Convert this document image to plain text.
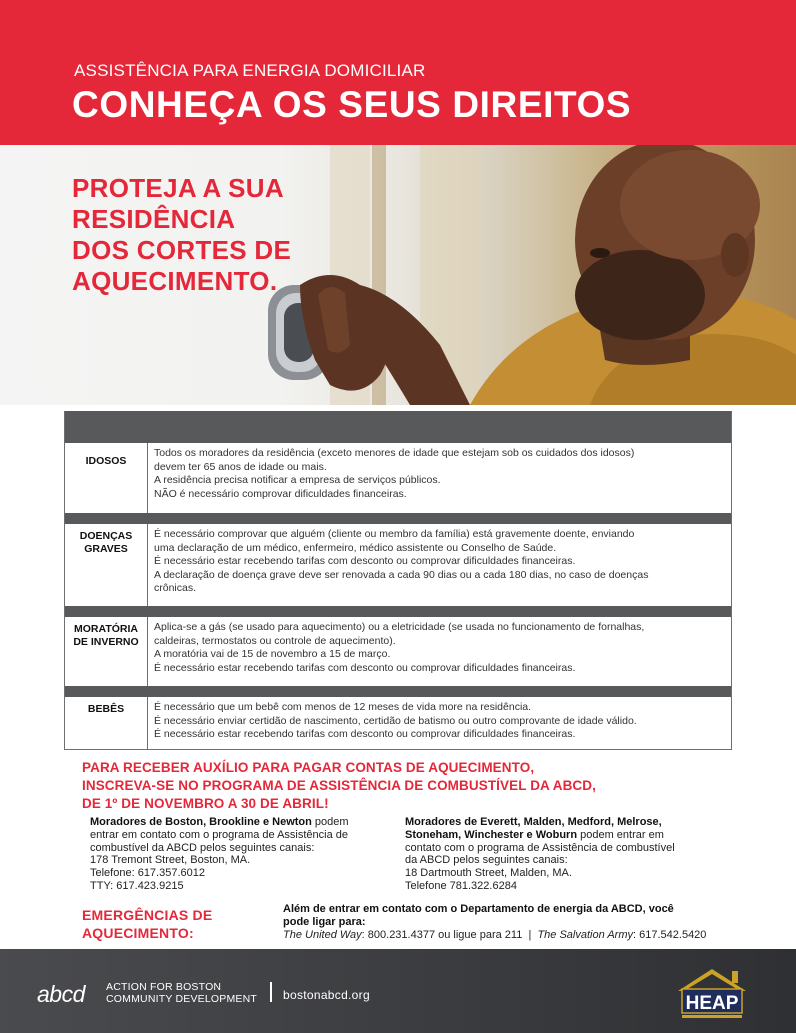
ASSISTÊNCIA PARA ENERGIA DOMICILIAR
CONHEÇA OS SEUS DIREITOS
PROTEJA A SUA
RESIDÊNCIA
DOS CORTES DE
AQUECIMENTO.
IDOSOS
Todos os moradores da residência (exceto menores de idade que estejam sob os cuidados dos idosos)
devem ter 65 anos de idade ou mais.
A residência precisa notificar a empresa de serviços públicos.
NÃO é necessário comprovar dificuldades financeiras.
DOENÇAS
GRAVES
É necessário comprovar que alguém (cliente ou membro da família) está gravemente doente, enviando
uma declaração de um médico, enfermeiro, médico assistente ou Conselho de Saúde.
É necessário estar recebendo tarifas com desconto ou comprovar dificuldades financeiras.
A declaração de doença grave deve ser renovada a cada 90 dias ou a cada 180 dias, no caso de doenças
crônicas.
MORATÓRIA
DE INVERNO
Aplica-se a gás (se usado para aquecimento) ou a eletricidade (se usada no funcionamento de fornalhas,
caldeiras, termostatos ou controle de aquecimento).
A moratória vai de 15 de novembro a 15 de março.
É necessário estar recebendo tarifas com desconto ou comprovar dificuldades financeiras.
BEBÊS	É necessário que um bebê com menos de 12 meses de vida more na residência.
É necessário enviar certidão de nascimento, certidão de batismo ou outro comprovante de idade válido.
É necessário estar recebendo tarifas com desconto ou comprovar dificuldades financeiras.
PARA RECEBER AUXÍLIO PARA PAGAR CONTAS DE AQUECIMENTO,
INSCREVA-SE NO PROGRAMA DE ASSISTÊNCIA DE COMBUSTÍVEL DA ABCD,
DE 1º DE NOVEMBRO A 30 DE ABRIL!
Moradores de Boston, Brookline e Newton podem
entrar em contato com o programa de Assistência de
combustível da ABCD pelos seguintes canais:
178 Tremont Street, Boston, MA.
Telefone: 617.357.6012
TTY: 617.423.9215
Moradores de Everett, Malden, Medford, Melrose,
Stoneham, Winchester e Woburn podem entrar em
contato com o programa de Assistência de combustível
da ABCD pelos seguintes canais:
18 Dartmouth Street, Malden, MA.
Telefone 781.322.6284
EMERGÊNCIAS DE
AQUECIMENTO:
Além de entrar em contato com o Departamento de energia da ABCD, você
pode ligar para:
The United Way: 800.231.4377 ou ligue para 211 | The Salvation Army: 617.542.5420
abcd ACTION FOR BOSTON
COMMUNITY DEVELOPMENT bostonabcd.org	HEAP
